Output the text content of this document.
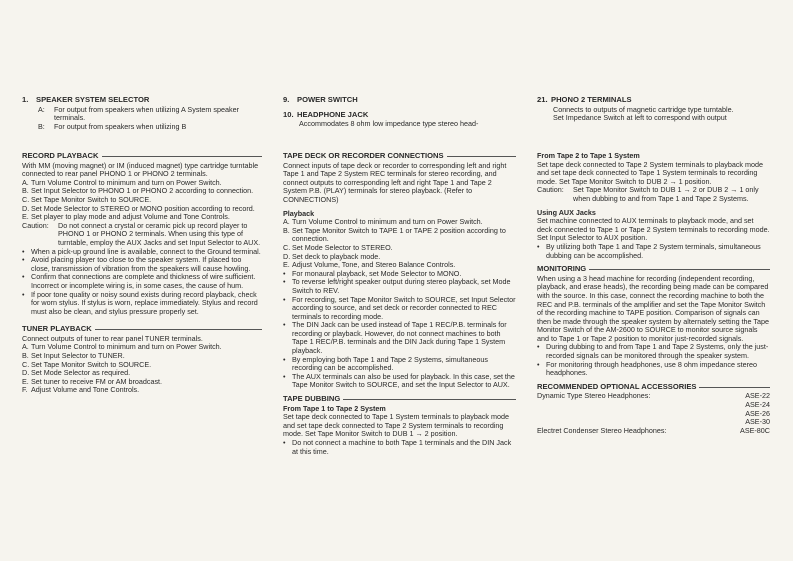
1. SPEAKER SYSTEM SELECTOR
A:	For output from speakers when utilizing A System speaker terminals.
B:	For output from speakers when utilizing B
9. POWER SWITCH
10. HEADPHONE JACK
Accommodates 8 ohm low impedance type stereo head-
21. PHONO 2 TERMINALS
Connects to outputs of magnetic cartridge type turntable.
Set Impedance Switch at left to correspond with output
RECORD PLAYBACK
With MM (moving magnet) or IM (induced magnet) type cartridge turntable connected to rear panel PHONO 1 or PHONO 2 terminals.
A. Turn Volume Control to minimum and turn on Power Switch.
B. Set Input Selector to PHONO 1 or PHONO 2 according to connection.
C. Set Tape Monitor Switch to SOURCE.
D. Set Mode Selector to STEREO or MONO position according to record.
E. Set player to play mode and adjust Volume and Tone Controls.
Caution:	Do not connect a crystal or ceramic pick up record player to PHONO 1 or PHONO 2 terminals. When using this type of turntable, employ the AUX Jacks and set Input Selector to AUX.
• When a pick-up ground line is available, connect to the Ground terminal.
• Avoid placing player too close to the speaker system. If placed too close, transmission of vibration from the speakers will cause howling.
• Confirm that connections are complete and thickness of wire sufficient. Incorrect or incomplete wiring is, in some cases, the cause of hum.
• If poor tone quality or noisy sound exists during record playback, check for worn stylus. If stylus is worn, replace immediately. Stylus and record must also be clean, and stylus pressure properly set.
TUNER PLAYBACK
Connect outputs of tuner to rear panel TUNER terminals.
A. Turn Volume Control to minimum and turn on Power Switch.
B. Set Input Selector to TUNER.
C. Set Tape Monitor Switch to SOURCE.
D. Set Mode Selector as required.
E. Set tuner to receive FM or AM broadcast.
F. Adjust Volume and Tone Controls.
TAPE DECK OR RECORDER CONNECTIONS
Connect inputs of tape deck or recorder to corresponding left and right Tape 1 and Tape 2 System REC terminals for stereo recording, and connect outputs to corresponding left and right Tape 1 and Tape 2 System P.B. (PLAY) terminals for stereo playback. (Refer to CONNECTIONS)
Playback
A. Turn Volume Control to minimum and turn on Power Switch.
B. Set Tape Monitor Switch to TAPE 1 or TAPE 2 position according to connection.
C. Set Mode Selector to STEREO.
D. Set deck to playback mode.
E. Adjust Volume, Tone, and Stereo Balance Controls.
• For monaural playback, set Mode Selector to MONO.
• To reverse left/right speaker output during stereo playback, set Mode Switch to REV.
• For recording, set Tape Monitor Switch to SOURCE, set Input Selector according to source, and set deck or recorder connected to REC terminals to recording mode.
• The DIN Jack can be used instead of Tape 1 REC/P.B. terminals for recording or playback. However, do not connect machines to both Tape 1 REC/P.B. terminals and the DIN Jack during Tape 1 System playback.
• By employing both Tape 1 and Tape 2 Systems, simultaneous recording can be accomplished.
• The AUX terminals can also be used for playback. In this case, set the Tape Monitor Switch to SOURCE, and set the Input Selector to AUX.
TAPE DUBBING
From Tape 1 to Tape 2 System
Set tape deck connected to Tape 1 System terminals to playback mode and set tape deck connected to Tape 2 System terminals to recording mode. Set Tape Monitor Switch to DUB 1 → 2 position.
• Do not connect a machine to both Tape 1 terminals and the DIN Jack at this time.
From Tape 2 to Tape 1 System
Set tape deck connected to Tape 2 System terminals to playback mode and set tape deck connected to Tape 1 System terminals to recording mode. Set Tape Monitor Switch to DUB 2 → 1 position.
Caution:	Set Tape Monitor Switch to DUB 1 → 2 or DUB 2 → 1 only when dubbing to and from Tape 1 and Tape 2 Systems.
Using AUX Jacks
Set machine connected to AUX terminals to playback mode, and set deck connected to Tape 1 or Tape 2 System terminals to recording mode. Set Input Selector to AUX position.
• By utilizing both Tape 1 and Tape 2 System terminals, simultaneous dubbing can be accomplished.
MONITORING
When using a 3 head machine for recording (independent recording, playback, and erase heads), the recording being made can be compared with the source. In this case, connect the recording machine to both the REC and P.B. terminals of the amplifier and set the Tape Monitor Switch of the recording machine to TAPE position. Comparison of signals can then be made through the speaker system by alternately setting the Tape Monitor Switch of the AM-2600 to SOURCE to monitor source signals and to Tape 1 or Tape 2 position to monitor just-recorded signals.
• During dubbing to and from Tape 1 and Tape 2 Systems, only the just-recorded signals can be monitored through the speaker system.
• For monitoring through headphones, use 8 ohm impedance stereo headphones.
RECOMMENDED OPTIONAL ACCESSORIES
Dynamic Type Stereo Headphones:	ASE-22
ASE-24
ASE-26
ASE-30
Electret Condenser Stereo Headphones:	ASE-80C
